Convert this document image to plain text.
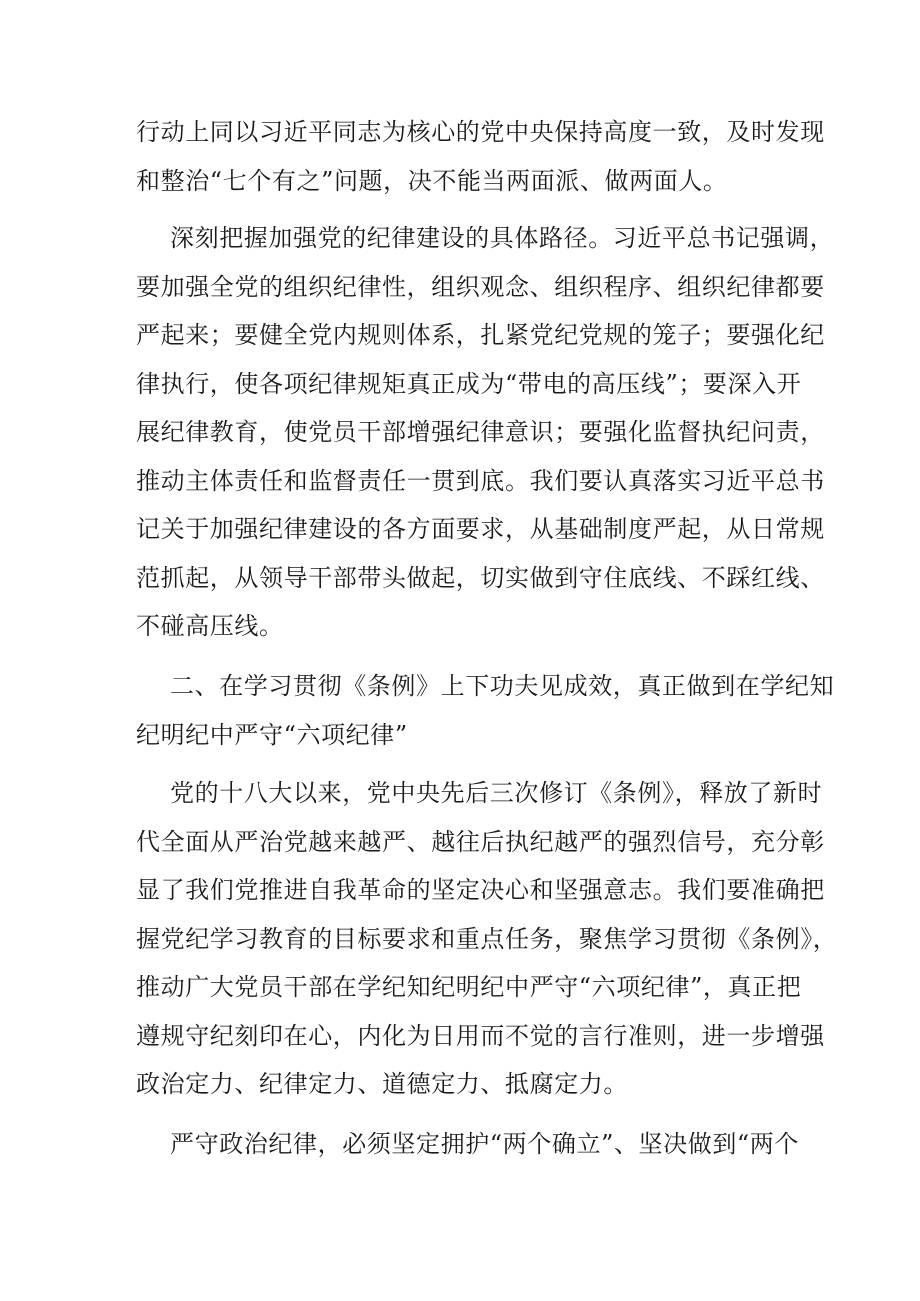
行动上同以习近平同志为核心的党中央保持高度一致，及时发现
和整治“七个有之”问题，决不能当两面派、做两面人。

深刻把握加强党的纪律建设的具体路径。习近平总书记强调，
要加强全党的组织纪律性，组织观念、组织程序、组织纪律都要
严起来；要健全党内规则体系，扎紧党纪党规的笼子；要强化纪
律执行，使各项纪律规矩真正成为“带电的高压线”；要深入开
展纪律教育，使党员干部增强纪律意识；要强化监督执纪问责，
推动主体责任和监督责任一贯到底。我们要认真落实习近平总书
记关于加强纪律建设的各方面要求，从基础制度严起，从日常规
范抓起，从领导干部带头做起，切实做到守住底线、不踩红线、
不碰高压线。

二、在学习贯彻《条例》上下功夫见成效，真正做到在学纪知
纪明纪中严守“六项纪律”

党的十八大以来，党中央先后三次修订《条例》，释放了新时
代全面从严治党越来越严、越往后执纪越严的强烈信号，充分彰
显了我们党推进自我革命的坚定决心和坚强意志。我们要准确把
握党纪学习教育的目标要求和重点任务，聚焦学习贯彻《条例》，
推动广大党员干部在学纪知纪明纪中严守“六项纪律”，真正把
遵规守纪刻印在心，内化为日用而不觉的言行准则，进一步增强
政治定力、纪律定力、道德定力、抵腐定力。

严守政治纪律，必须坚定拥护“两个确立”、坚决做到“两个
